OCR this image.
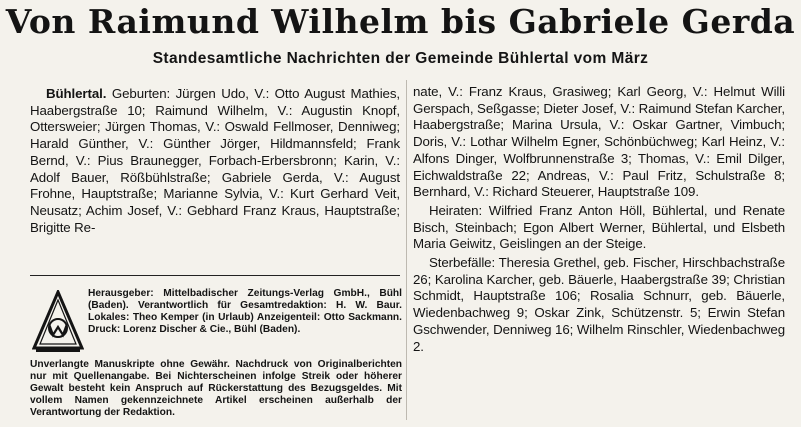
Von Raimund Wilhelm bis Gabriele Gerda
Standesamtliche Nachrichten der Gemeinde Bühlertal vom März

Bühlertal. Geburten: Jürgen Udo, V.: Otto August Mathies, Haabergstraße 10; Raimund Wilhelm, V.: Augustin Knopf, Ottersweier; Jürgen Thomas, V.: Oswald Fellmoser, Denniweg; Harald Günther, V.: Günther Jörger, Hildmannsfeld; Frank Bernd, V.: Pius Braunegger, Forbach-Erbersbronn; Karin, V.: Adolf Bauer, Rößbühlstraße; Gabriele Gerda, V.: August Frohne, Hauptstraße; Marianne Sylvia, V.: Kurt Gerhard Veit, Neusatz; Achim Josef, V.: Gebhard Franz Kraus, Hauptstraße; Brigitte Re-

Herausgeber: Mittelbadischer Zeitungs-Verlag GmbH., Bühl (Baden). Verantwortlich für Gesamtredaktion: H. W. Baur. Lokales: Theo Kemper (in Urlaub) Anzeigenteil: Otto Sackmann. Druck: Lorenz Discher & Cie., Bühl (Baden).
Unverlangte Manuskripte ohne Gewähr. Nachdruck von Originalberichten nur mit Quellenangabe. Bei Nichterscheinen infolge Streik oder höherer Gewalt besteht kein Anspruch auf Rückerstattung des Bezugsgeldes. Mit vollem Namen gekennzeichnete Artikel erscheinen außerhalb der Verantwortung der Redaktion.

nate, V.: Franz Kraus, Grasiweg; Karl Georg, V.: Helmut Willi Gerspach, Seßgasse; Dieter Josef, V.: Raimund Stefan Karcher, Haabergstraße; Marina Ursula, V.: Oskar Gartner, Vimbuch; Doris, V.: Lothar Wilhelm Egner, Schönbüchweg; Karl Heinz, V.: Alfons Dinger, Wolfbrunnenstraße 3; Thomas, V.: Emil Dilger, Eichwaldstraße 22; Andreas, V.: Paul Fritz, Schulstraße 8; Bernhard, V.: Richard Steuerer, Hauptstraße 109.

Heiraten: Wilfried Franz Anton Höll, Bühlertal, und Renate Bisch, Steinbach; Egon Albert Werner, Bühlertal, und Elsbeth Maria Geiwitz, Geislingen an der Steige.

Sterbefälle: Theresia Grethel, geb. Fischer, Hirschbachstraße 26; Karolina Karcher, geb. Bäuerle, Haabergstraße 39; Christian Schmidt, Hauptstraße 106; Rosalia Schnurr, geb. Bäuerle, Wiedenbachweg 9; Oskar Zink, Schützenstr. 5; Erwin Stefan Gschwender, Denniweg 16; Wilhelm Rinschler, Wiedenbachweg 2.
